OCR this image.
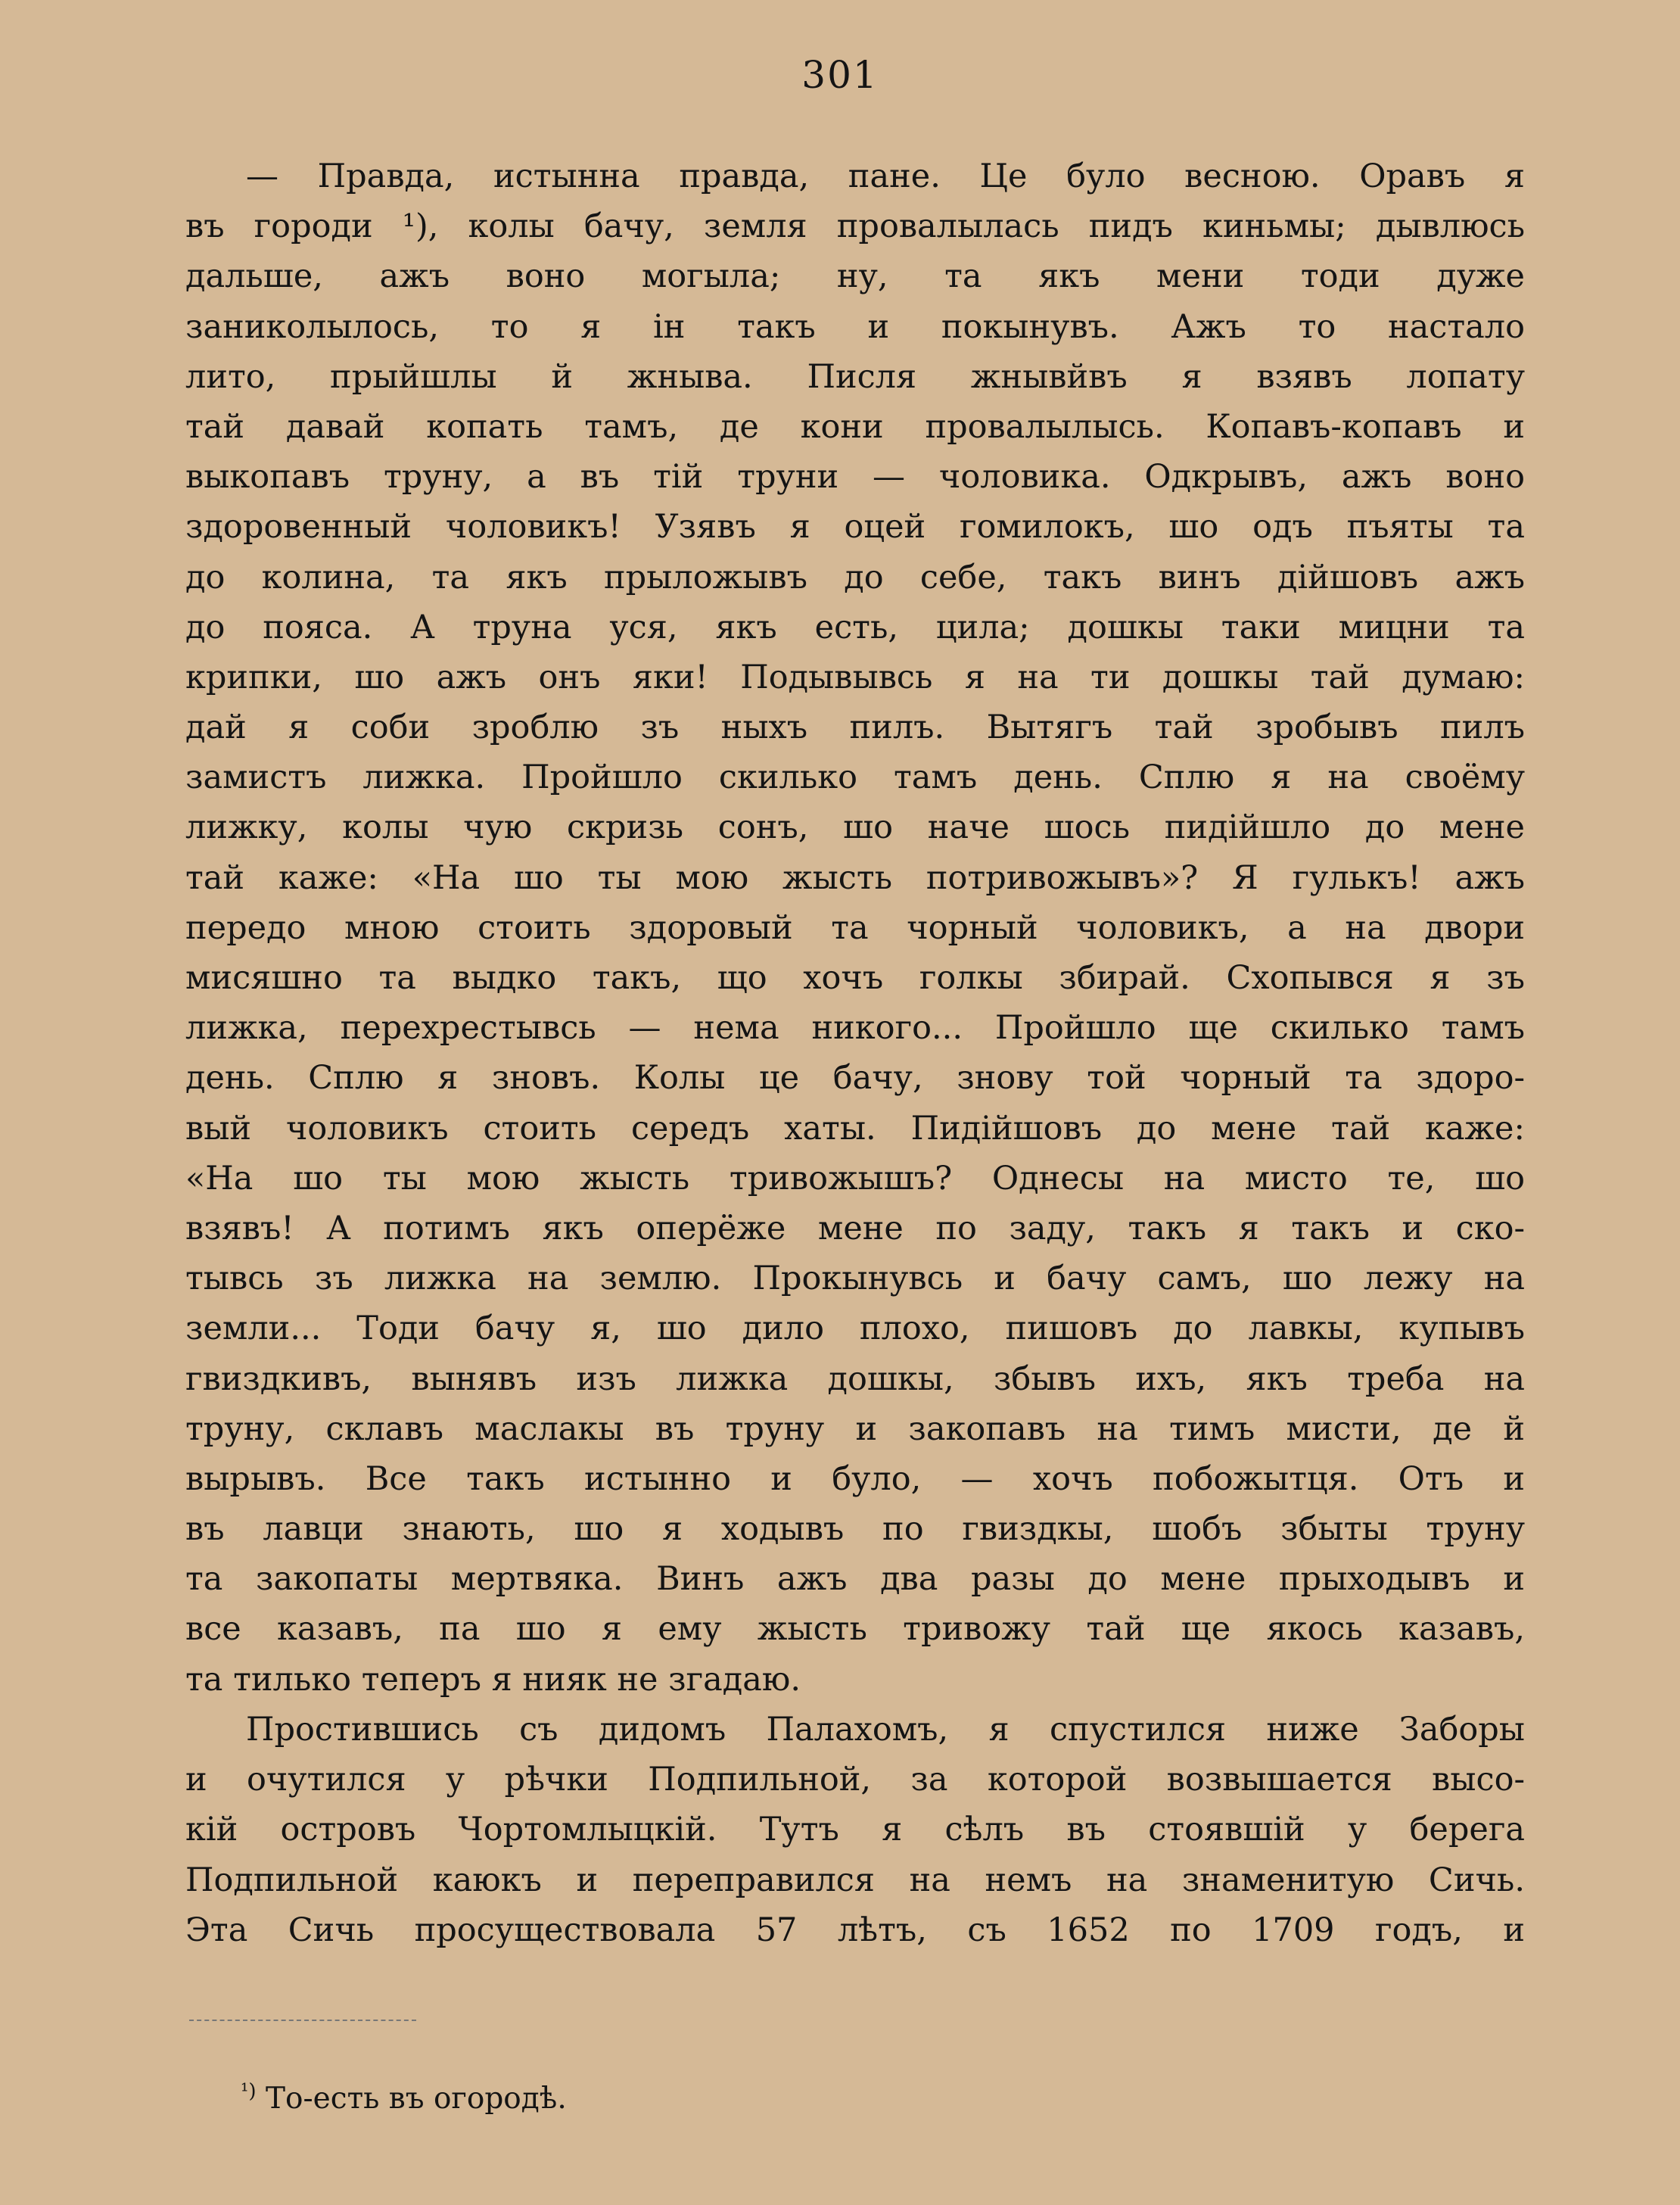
301
— Правда, истынна правда, пане. Це було весною. Оравъ я
въ городи ¹), колы бачу, земля провалылась пидъ киньмы; дывлюсь
дальше, ажъ воно могыла; ну, та якъ мени тоди дуже
заниколылось, то я ін такъ и покынувъ. Ажъ то настало
лито, прыйшлы й жныва. Писля жнывйвъ я взявъ лопату
тай давай копать тамъ, де кони провалылысь. Копавъ-копавъ и
выкопавъ труну, а въ тій труни — чоловика. Одкрывъ, ажъ воно
здоровенный чоловикъ! Узявъ я оцей гомилокъ, шо одъ пъяты та
до колина, та якъ прыложывъ до себе, такъ винъ дійшовъ ажъ
до пояса. А труна уся, якъ есть, цила; дошкы таки мицни та
крипки, шо ажъ онъ яки! Подывывсь я на ти дошкы тай думаю:
дай я соби зроблю зъ ныхъ пилъ. Вытягъ тай зробывъ пилъ
замистъ лижка. Пройшло скилько тамъ день. Сплю я на своёму
лижку, колы чую скризь сонъ, шо наче шось пидійшло до мене
тай каже: «На шо ты мою жысть потривожывъ»? Я гулькъ! ажъ
передо мною стоить здоровый та чорный чоловикъ, а на двори
мисяшно та выдко такъ, що хочъ голкы збирай. Схопывся я зъ
лижка, перехрестывсь — нема никого... Пройшло ще скилько тамъ
день. Сплю я зновъ. Колы це бачу, знову той чорный та здоро-
вый чоловикъ стоить середъ хаты. Пидійшовъ до мене тай каже:
«На шо ты мою жысть тривожышъ? Однесы на мисто те, шо
взявъ! А потимъ якъ оперёже мене по заду, такъ я такъ и ско-
тывсь зъ лижка на землю. Прокынувсь и бачу самъ, шо лежу на
земли... Тоди бачу я, шо дило плохо, пишовъ до лавкы, купывъ
гвиздкивъ, вынявъ изъ лижка дошкы, збывъ ихъ, якъ треба на
труну, склавъ маслакы въ труну и закопавъ на тимъ мисти, де й
вырывъ. Все такъ истынно и було, — хочъ побожытця. Отъ и
въ лавци знають, шо я ходывъ по гвиздкы, шобъ збыты труну
та закопаты мертвяка. Винъ ажъ два разы до мене прыходывъ и
все казавъ, па шо я ему жысть тривожу тай ще якось казавъ,
та тилько теперъ я нияк не згадаю.
Простившись съ дидомъ Палахомъ, я спустился ниже Заборы
и очутился у рѣчки Подпильной, за которой возвышается высо-
кій островъ Чортомлыцкій. Тутъ я сѣлъ въ стоявшій у берега
Подпильной каюкъ и переправился на немъ на знаменитую Сичь.
Эта Сичь просуществовала 57 лѣтъ, съ 1652 по 1709 годъ, и
$^{^1)}$ То-есть въ огородѣ.
